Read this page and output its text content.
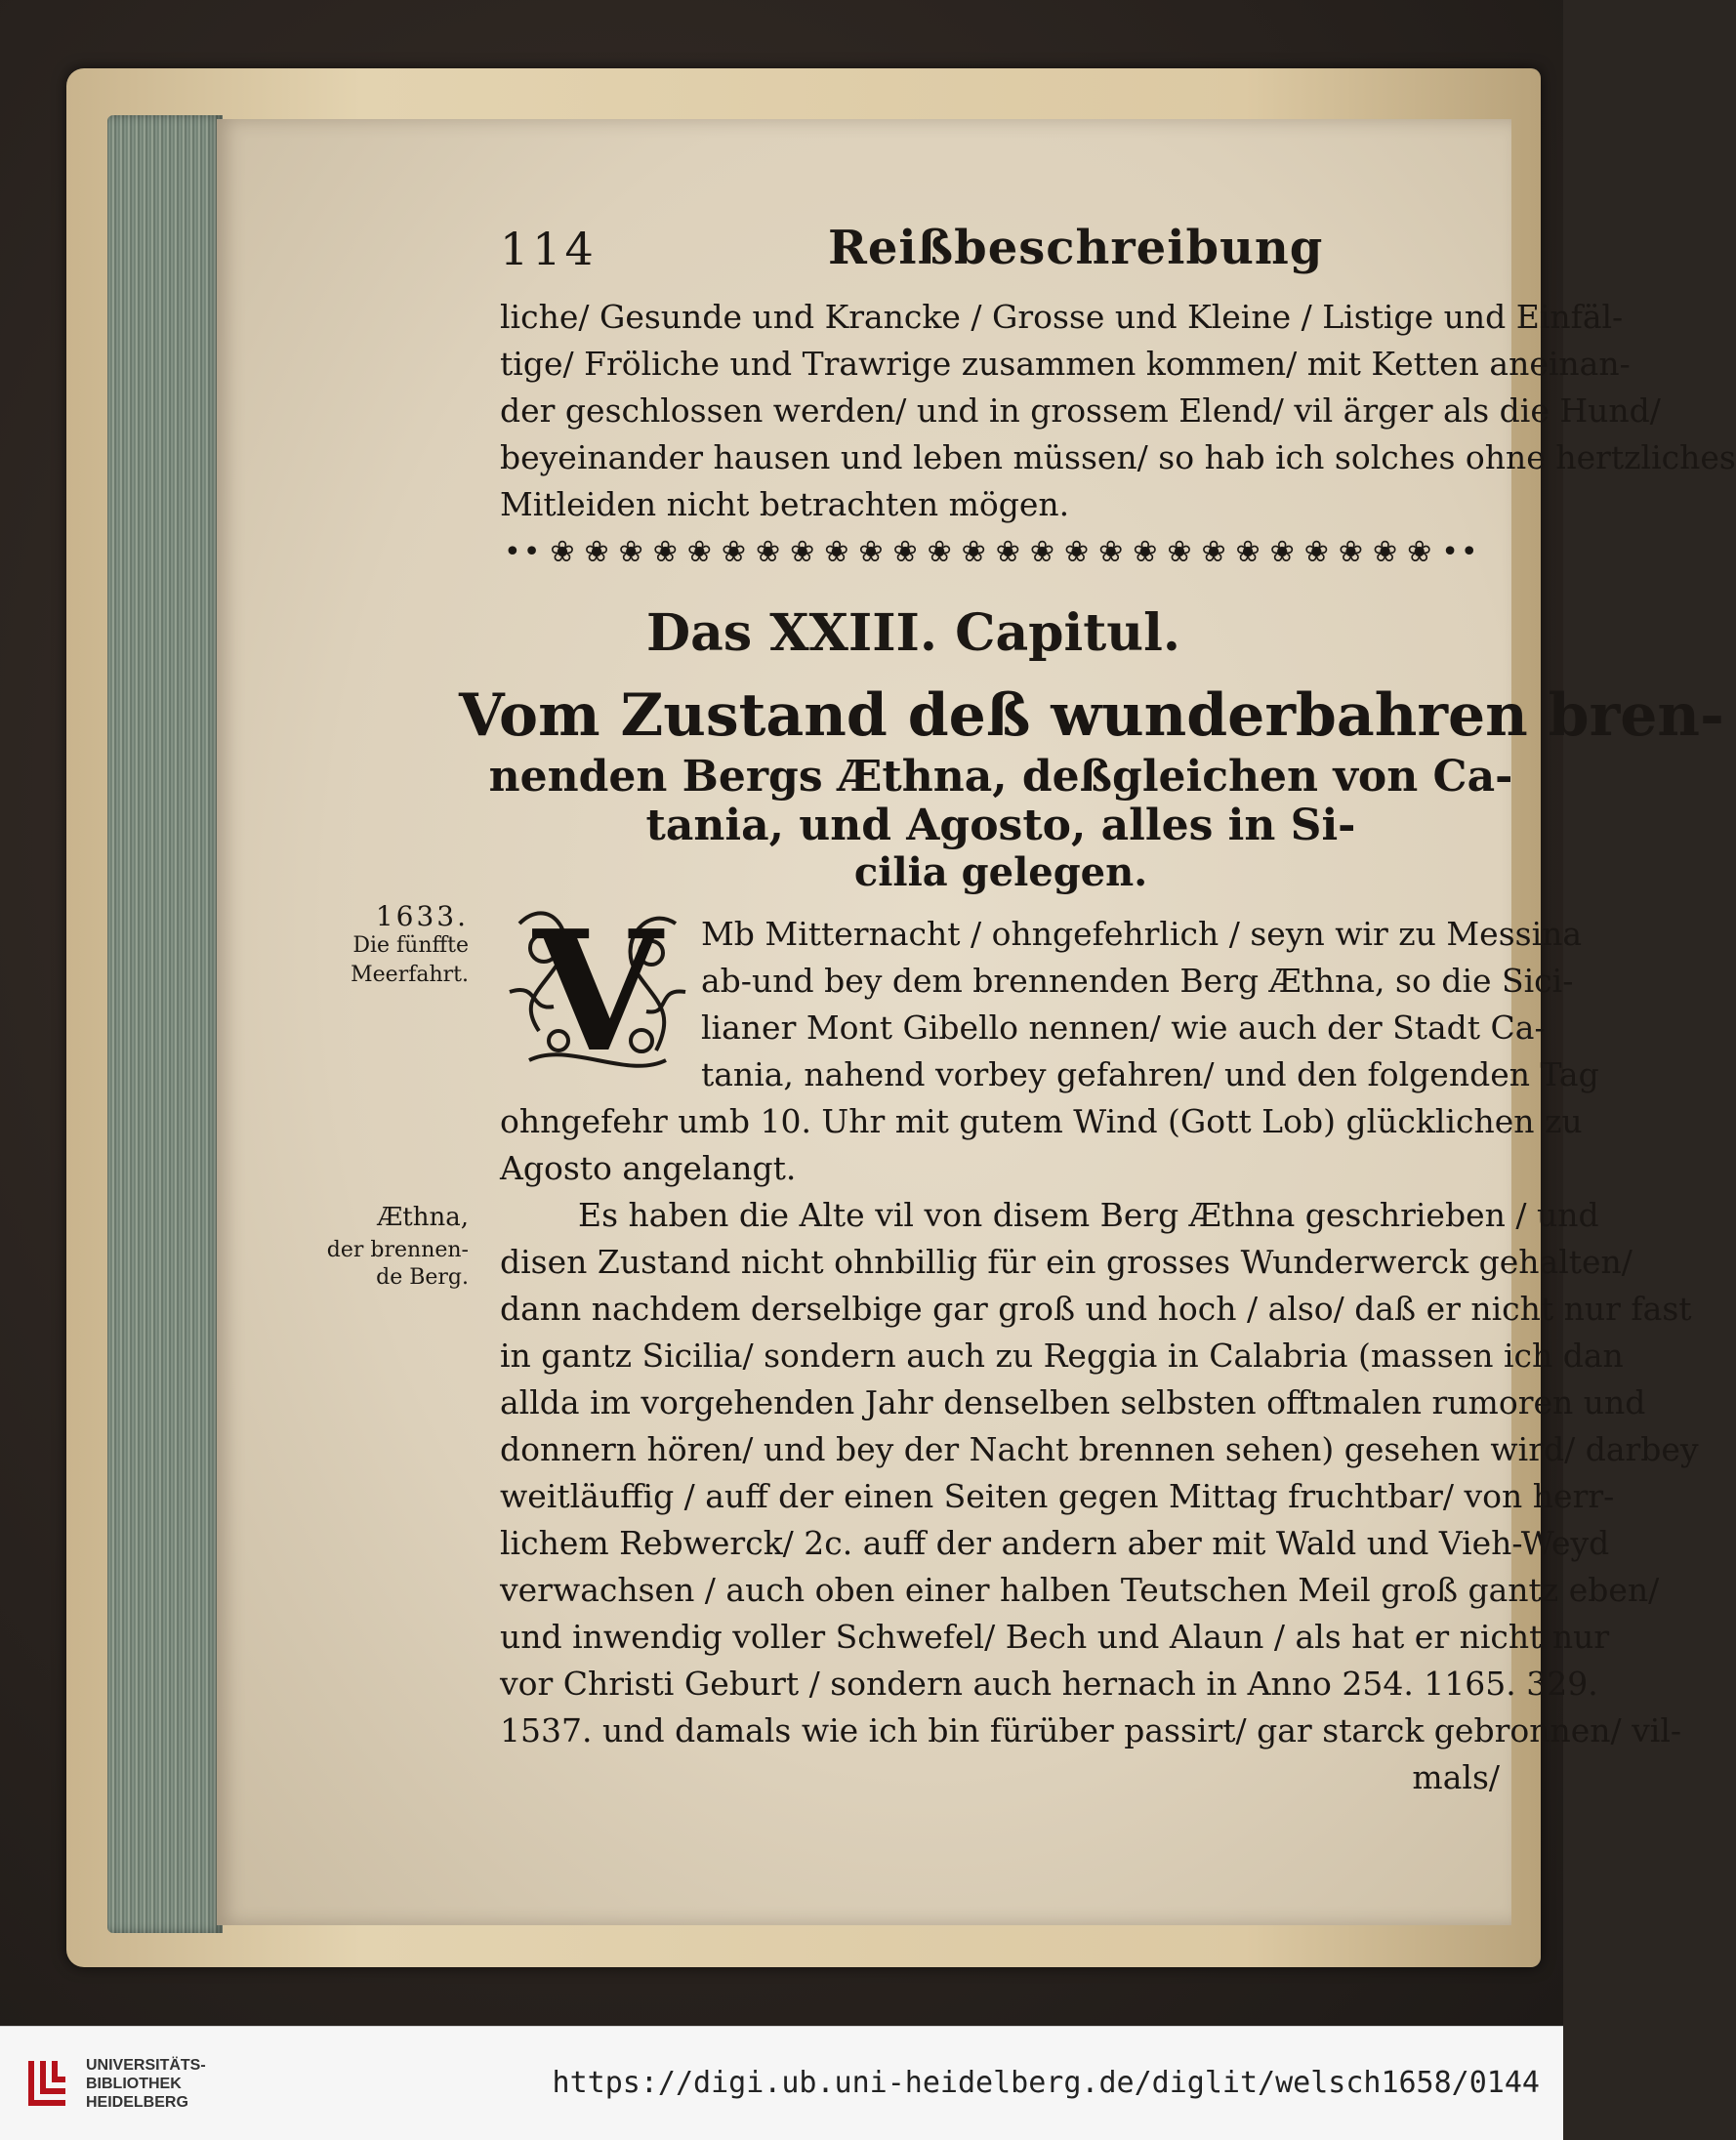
114	Reißbeschreibung
liche/ Gesunde und Krancke / Grosse und Kleine / Listige und Einfäl-
tige/ Fröliche und Trawrige zusammen kommen/ mit Ketten aneinan-
der geschlossen werden/ und in grossem Elend/ vil ärger als die Hund/
beyeinander hausen und leben müssen/ so hab ich solches ohne hertzliches
Mitleiden nicht betrachten mögen.
•• ❀ ❀ ❀ ❀ ❀ ❀ ❀ ❀ ❀ ❀ ❀ ❀ ❀ ❀ ❀ ❀ ❀ ❀ ❀ ❀ ❀ ❀ ❀ ❀ ❀ ❀ ••
Das XXIII. Capitul.
Vom Zustand deß wunderbahren bren-
nenden Bergs Æthna, deßgleichen von Ca-
tania, und Agosto, alles in Si-
cilia gelegen.
1633.
Die fünffte
Meerfahrt.
Æthna,
der brennen-
de Berg.
V Mb Mitternacht / ohngefehrlich / seyn wir zu Messina
ab-und bey dem brennenden Berg Æthna, so die Sici-
lianer Mont Gibello nennen/ wie auch der Stadt Ca-
tania, nahend vorbey gefahren/ und den folgenden Tag
ohngefehr umb 10. Uhr mit gutem Wind (Gott Lob) glücklichen zu
Agosto angelangt.
Es haben die Alte vil von disem Berg Æthna geschrieben / und
disen Zustand nicht ohnbillig für ein grosses Wunderwerck gehalten/
dann nachdem derselbige gar groß und hoch / also/ daß er nicht nur fast
in gantz Sicilia/ sondern auch zu Reggia in Calabria (massen ich dan
allda im vorgehenden Jahr denselben selbsten offtmalen rumoren und
donnern hören/ und bey der Nacht brennen sehen) gesehen wird/ darbey
weitläuffig / auff der einen Seiten gegen Mittag fruchtbar/ von herr-
lichem Rebwerck/ 2c. auff der andern aber mit Wald und Vieh-Weyd
verwachsen / auch oben einer halben Teutschen Meil groß gantz eben/
und inwendig voller Schwefel/ Bech und Alaun / als hat er nicht nur
vor Christi Geburt / sondern auch hernach in Anno 254. 1165. 329.
1537. und damals wie ich bin fürüber passirt/ gar starck gebronnen/ vil-
mals/
UNIVERSITÄTS-
BIBLIOTHEK
HEIDELBERG
https://digi.ub.uni-heidelberg.de/diglit/welsch1658/0144
